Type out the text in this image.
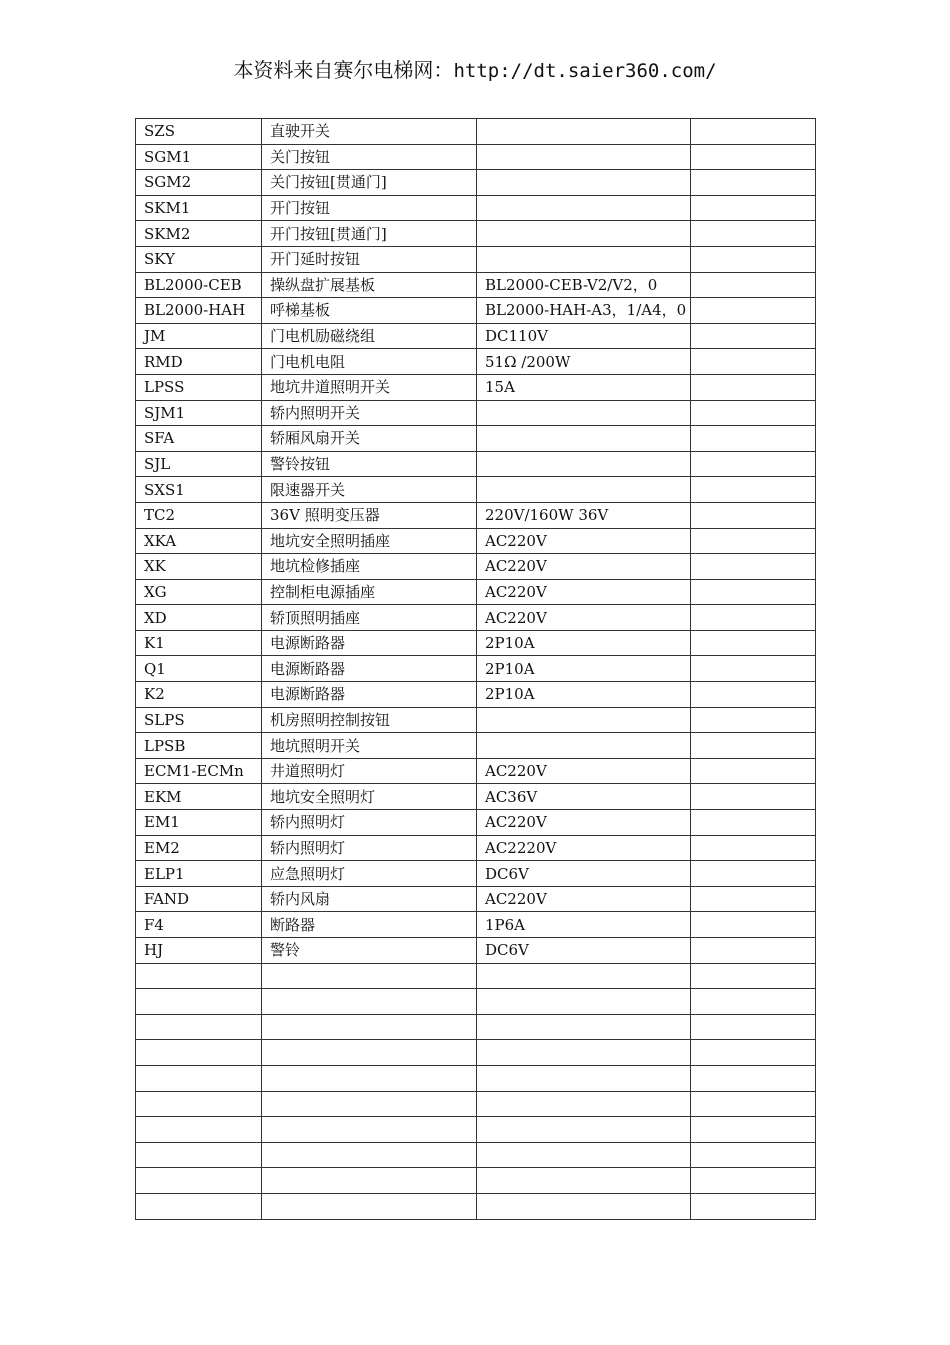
本资料来自赛尔电梯网：http://dt.saier360.com/
SZS	直驶开关		
SGM1	关门按钮		
SGM2	关门按钮[贯通门]		
SKM1	开门按钮		
SKM2	开门按钮[贯通门]		
SKY	开门延时按钮		
BL2000-CEB	操纵盘扩展基板	BL2000-CEB-V2/V2，0	
BL2000-HAH	呼梯基板	BL2000-HAH-A3，1/A4，0	
JM	门电机励磁绕组	DC110V	
RMD	门电机电阻	51Ω /200W	
LPSS	地坑井道照明开关	15A	
SJM1	轿内照明开关		
SFA	轿厢风扇开关		
SJL	警铃按钮		
SXS1	限速器开关		
TC2	36V 照明变压器	220V/160W 36V	
XKA	地坑安全照明插座	AC220V	
XK	地坑检修插座	AC220V	
XG	控制柜电源插座	AC220V	
XD	轿顶照明插座	AC220V	
K1	电源断路器	2P10A	
Q1	电源断路器	2P10A	
K2	电源断路器	2P10A	
SLPS	机房照明控制按钮		
LPSB	地坑照明开关		
ECM1-ECMn	井道照明灯	AC220V	
EKM	地坑安全照明灯	AC36V	
EM1	轿内照明灯	AC220V	
EM2	轿内照明灯	AC2220V	
ELP1	应急照明灯	DC6V	
FAND	轿内风扇	AC220V	
F4	断路器	1P6A	
HJ	警铃	DC6V	
